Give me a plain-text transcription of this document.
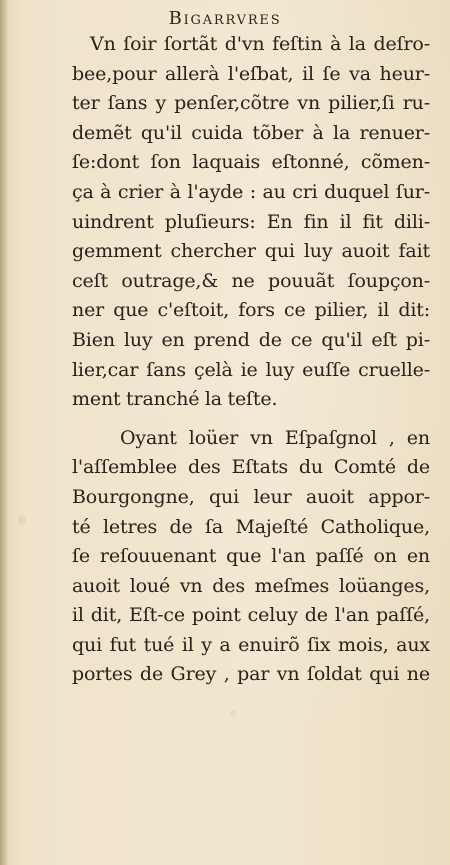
Bigarrvres
Vn ſoir ſortãt d'vn feſtin à la deſro-
bee,pour allerà l'eſbat, il ſe va heur-
ter ſans y penſer,cõtre vn pilier,ſi ru-
demẽt qu'il cuida tõber à la renuer-
ſe:dont ſon laquais eſtonné, cõmen-
ça à crier à l'ayde : au cri duquel ſur-
uindrent pluſieurs: En fin il fit dili-
gemment chercher qui luy auoit fait
ceſt outrage,& ne pouuãt ſoupçon-
ner que c'eſtoit, fors ce pilier, il dit:
Bien luy en prend de ce qu'il eſt pi-
lier,car ſans çelà ie luy euſſe cruelle-
ment tranché la teſte.
Oyant loüer vn Eſpaſgnol , en
l'aſſemblee des Eſtats du Comté de
Bourgongne, qui leur auoit appor-
té letres de ſa Majeſté Catholique,
ſe reſouuenant que l'an paſſé on en
auoit loué vn des meſmes loüanges,
il dit, Eſt-ce point celuy de l'an paſſé,
qui fut tué il y a enuirõ ſix mois, aux
portes de Grey , par vn ſoldat qui ne
